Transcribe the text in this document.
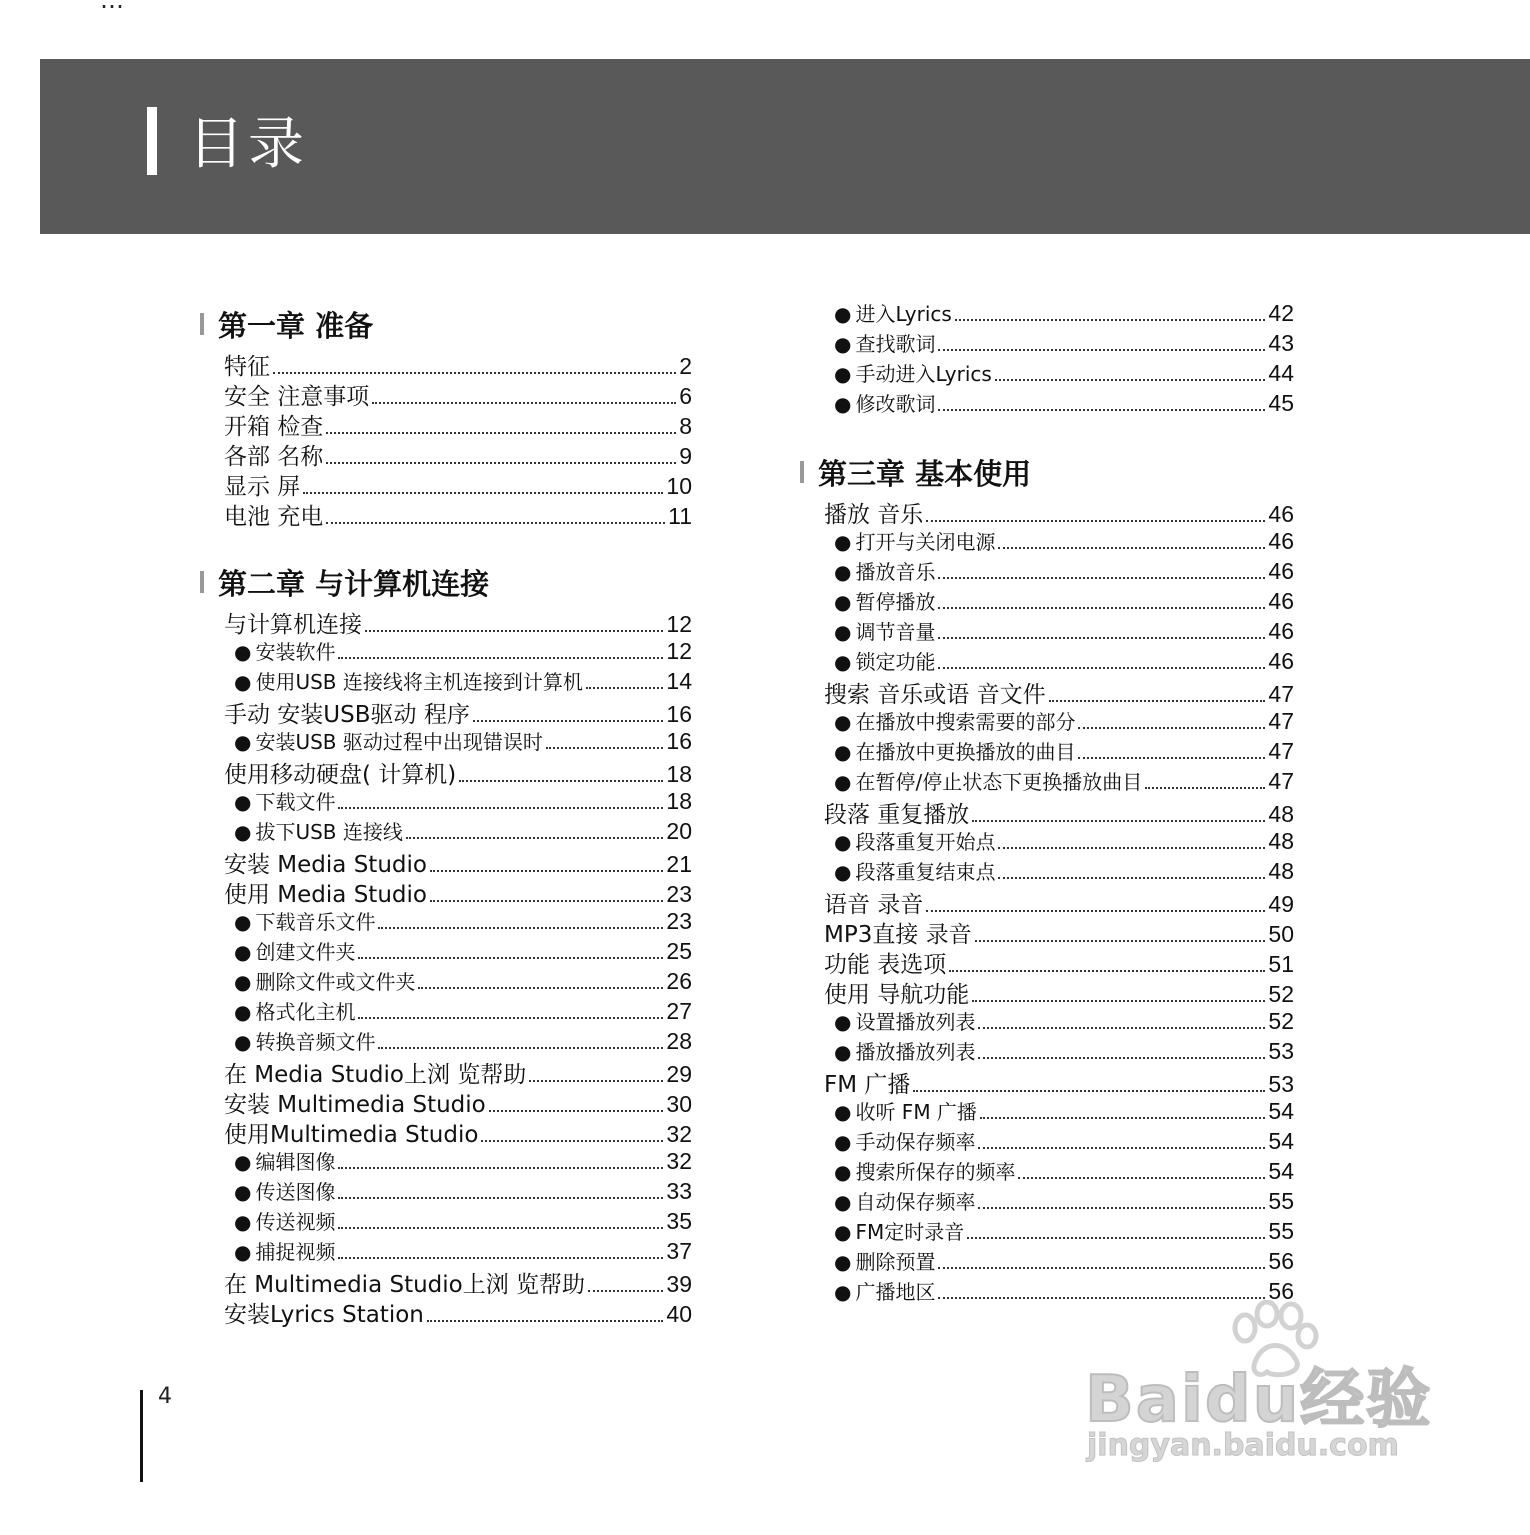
…
目录
第一章 准备
特征	2
安全 注意事项	6
开箱 检查	8
各部 名称	9
显示 屏	10
电池 充电	11
第二章 与计算机连接
与计算机连接	12
● 安装软件	12
● 使用USB 连接线将主机连接到计算机	14
手动 安装USB驱动 程序	16
● 安装USB 驱动过程中出现错误时	16
使用移动硬盘( 计算机)	18
● 下载文件	18
● 拔下USB 连接线	20
安装 Media Studio	21
使用 Media Studio	23
● 下载音乐文件	23
● 创建文件夹	25
● 删除文件或文件夹	26
● 格式化主机	27
● 转换音频文件	28
在 Media Studio上浏 览帮助	29
安装 Multimedia Studio	30
使用Multimedia Studio	32
● 编辑图像	32
● 传送图像	33
● 传送视频	35
● 捕捉视频	37
在 Multimedia Studio上浏 览帮助	39
安装Lyrics Station	40
● 进入Lyrics	42
● 查找歌词	43
● 手动进入Lyrics	44
● 修改歌词	45
第三章 基本使用
播放 音乐	46
● 打开与关闭电源	46
● 播放音乐	46
● 暂停播放	46
● 调节音量	46
● 锁定功能	46
搜索 音乐或语 音文件	47
● 在播放中搜索需要的部分	47
● 在播放中更换播放的曲目	47
● 在暂停/停止状态下更换播放曲目	47
段落 重复播放	48
● 段落重复开始点	48
● 段落重复结束点	48
语音 录音	49
MP3直接 录音	50
功能 表选项	51
使用 导航功能	52
● 设置播放列表	52
● 播放播放列表	53
FM 广播	53
● 收听 FM 广播	54
● 手动保存频率	54
● 搜索所保存的频率	54
● 自动保存频率	55
● FM定时录音	55
● 删除预置	56
● 广播地区	56
4	Baidu经验
jingyan.baidu.com
